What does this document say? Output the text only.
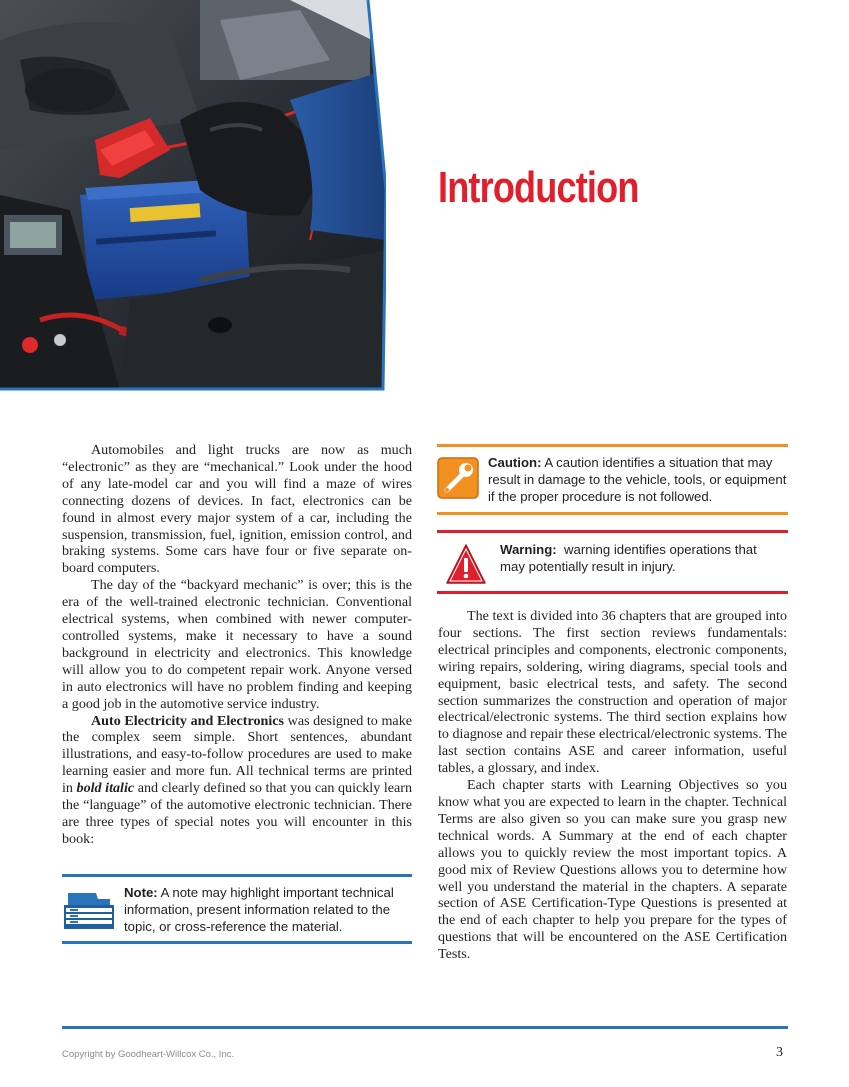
Introduction

Automobiles and light trucks are now as much “electronic” as they are “mechanical.” Look under the hood of any late-model car and you will find a maze of wires connecting dozens of devices. In fact, electronics can be found in almost every major system of a car, including the suspension, transmission, fuel, ignition, emission control, and braking systems. Some cars have four or five separate on-board computers.

The day of the “backyard mechanic” is over; this is the era of the well-trained electronic technician. Conventional electrical systems, when combined with newer computer-controlled systems, make it necessary to have a sound background in electricity and electronics. This knowledge will allow you to do competent repair work. Anyone versed in auto electronics will have no problem finding and keeping a good job in the automotive service industry.

Auto Electricity and Electronics was designed to make the complex seem simple. Short sentences, abundant illustrations, and easy-to-follow procedures are used to make learning easier and more fun. All technical terms are printed in bold italic and clearly defined so that you can quickly learn the “language” of the automotive electronic technician. There are three types of special notes you will encounter in this book:

Note: A note may highlight important technical information, present information related to the topic, or cross-reference the material.
Caution: A caution identifies a situation that may result in damage to the vehicle, tools, or equipment if the proper procedure is not followed.
Warning:  warning identifies operations that may potentially result in injury.

The text is divided into 36 chapters that are grouped into four sections. The first section reviews fundamentals: electrical principles and components, electronic components, wiring repairs, soldering, wiring diagrams, special tools and equipment, basic electrical tests, and safety. The second section summarizes the construction and operation of major electrical/electronic systems. The third section explains how to diagnose and repair these electrical/electronic systems. The last section contains ASE and career information, useful tables, a glossary, and index.

Each chapter starts with Learning Objectives so you know what you are expected to learn in the chapter. Technical Terms are also given so you can make sure you grasp new technical words. A Summary at the end of each chapter allows you to quickly review the most important topics. A good mix of Review Questions allows you to determine how well you understand the material in the chapters. A separate section of ASE Certification-Type Questions is presented at the end of each chapter to help you prepare for the types of questions that will be encountered on the ASE Certification Tests.

Copyright by Goodheart-Willcox Co., Inc.	3
